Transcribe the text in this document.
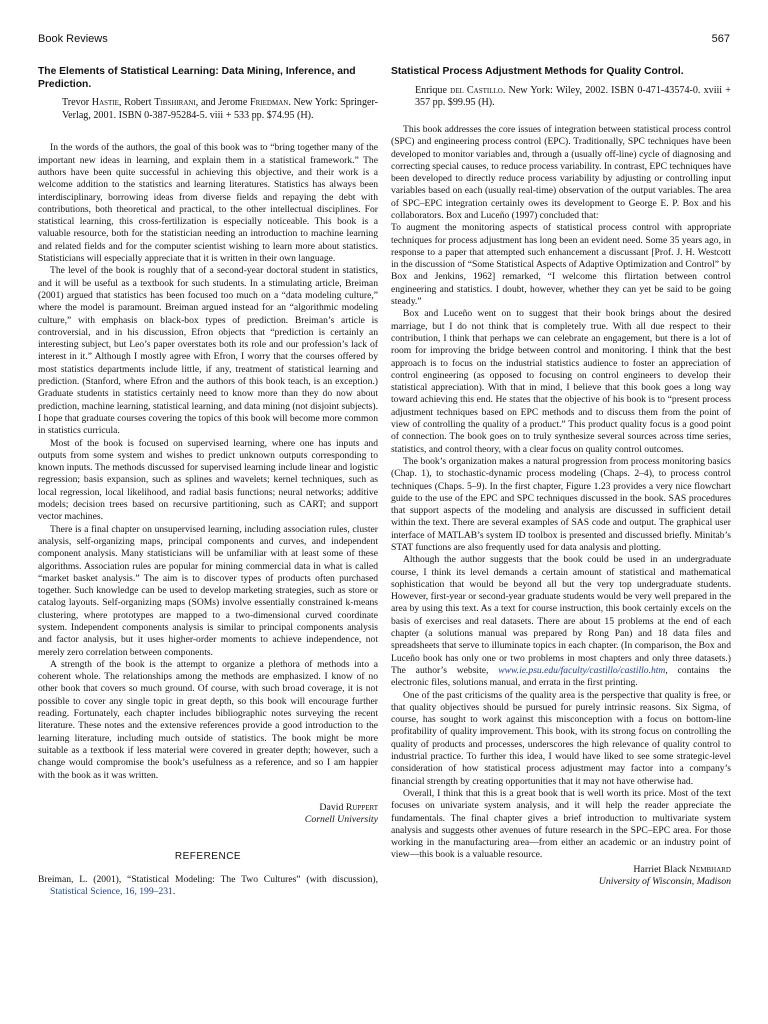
Book Reviews	567

The Elements of Statistical Learning: Data Mining, Inference, and Prediction.

Trevor Hastie, Robert Tibshirani, and Jerome Friedman. New York: Springer-Verlag, 2001. ISBN 0-387-95284-5. viii + 533 pp. $74.95 (H).

In the words of the authors, the goal of this book was to “bring together many of the important new ideas in learning, and explain them in a statistical framework.” The authors have been quite successful in achieving this objective, and their work is a welcome addition to the statistics and learning literatures. Statistics has always been interdisciplinary, borrowing ideas from diverse fields and repaying the debt with contributions, both theoretical and practical, to the other intellectual disciplines. For statistical learning, this cross-fertilization is especially noticeable. This book is a valuable resource, both for the statistician needing an introduction to machine learning and related fields and for the computer scientist wishing to learn more about statistics. Statisticians will especially appreciate that it is written in their own language.

The level of the book is roughly that of a second-year doctoral student in statistics, and it will be useful as a textbook for such students. In a stimulating article, Breiman (2001) argued that statistics has been focused too much on a “data modeling culture,” where the model is paramount. Breiman argued instead for an “algorithmic modeling culture,” with emphasis on black-box types of prediction. Breiman’s article is controversial, and in his discussion, Efron objects that “prediction is certainly an interesting subject, but Leo’s paper overstates both its role and our profession’s lack of interest in it.” Although I mostly agree with Efron, I worry that the courses offered by most statistics departments include little, if any, treatment of statistical learning and prediction. (Stanford, where Efron and the authors of this book teach, is an exception.) Graduate students in statistics certainly need to know more than they do now about prediction, machine learning, statistical learning, and data mining (not disjoint subjects). I hope that graduate courses covering the topics of this book will become more common in statistics curricula.

Most of the book is focused on supervised learning, where one has inputs and outputs from some system and wishes to predict unknown outputs corresponding to known inputs. The methods discussed for supervised learning include linear and logistic regression; basis expansion, such as splines and wavelets; kernel techniques, such as local regression, local likelihood, and radial basis functions; neural networks; additive models; decision trees based on recursive partitioning, such as CART; and support vector machines.

There is a final chapter on unsupervised learning, including association rules, cluster analysis, self-organizing maps, principal components and curves, and independent component analysis. Many statisticians will be unfamiliar with at least some of these algorithms. Association rules are popular for mining commercial data in what is called “market basket analysis.” The aim is to discover types of products often purchased together. Such knowledge can be used to develop marketing strategies, such as store or catalog layouts. Self-organizing maps (SOMs) involve essentially constrained k-means clustering, where prototypes are mapped to a two-dimensional curved coordinate system. Independent components analysis is similar to principal components analysis and factor analysis, but it uses higher-order moments to achieve independence, not merely zero correlation between components.

A strength of the book is the attempt to organize a plethora of methods into a coherent whole. The relationships among the methods are emphasized. I know of no other book that covers so much ground. Of course, with such broad coverage, it is not possible to cover any single topic in great depth, so this book will encourage further reading. Fortunately, each chapter includes bibliographic notes surveying the recent literature. These notes and the extensive references provide a good introduction to the learning literature, including much outside of statistics. The book might be more suitable as a textbook if less material were covered in greater depth; however, such a change would compromise the book’s usefulness as a reference, and so I am happier with the book as it was written.

David Ruppert
Cornell University
REFERENCE
Breiman, L. (2001), “Statistical Modeling: The Two Cultures” (with discussion), Statistical Science, 16, 199–231.

Statistical Process Adjustment Methods for Quality Control.

Enrique del Castillo. New York: Wiley, 2002. ISBN 0-471-43574-0. xviii + 357 pp. $99.95 (H).

This book addresses the core issues of integration between statistical process control (SPC) and engineering process control (EPC). Traditionally, SPC techniques have been developed to monitor variables and, through a (usually off-line) cycle of diagnosing and correcting special causes, to reduce process variability. In contrast, EPC techniques have been developed to directly reduce process variability by adjusting or controlling input variables based on each (usually real-time) observation of the output variables. The area of SPC–EPC integration certainly owes its development to George E. P. Box and his collaborators. Box and Luceño (1997) concluded that:

To augment the monitoring aspects of statistical process control with appropriate techniques for process adjustment has long been an evident need. Some 35 years ago, in response to a paper that attempted such enhancement a discussant [Prof. J. H. Westcott in the discussion of “Some Statistical Aspects of Adaptive Optimization and Control” by Box and Jenkins, 1962] remarked, “I welcome this flirtation between control engineering and statistics. I doubt, however, whether they can yet be said to be going steady.”

Box and Luceño went on to suggest that their book brings about the desired marriage, but I do not think that is completely true. With all due respect to their contribution, I think that perhaps we can celebrate an engagement, but there is a lot of room for improving the bridge between control and monitoring. I think that the best approach is to focus on the industrial statistics audience to foster an appreciation of control engineering (as opposed to focusing on control engineers to develop their statistical appreciation). With that in mind, I believe that this book goes a long way toward achieving this end. He states that the objective of his book is to “present process adjustment techniques based on EPC methods and to discuss them from the point of view of controlling the quality of a product.” This product quality focus is a good point of connection. The book goes on to truly synthesize several sources across time series, statistics, and control theory, with a clear focus on quality control outcomes.

The book’s organization makes a natural progression from process monitoring basics (Chap. 1), to stochastic-dynamic process modeling (Chaps. 2–4), to process control techniques (Chaps. 5–9). In the first chapter, Figure 1.23 provides a very nice flowchart guide to the use of the EPC and SPC techniques discussed in the book. SAS procedures that support aspects of the modeling and analysis are discussed in sufficient detail within the text. There are several examples of SAS code and output. The graphical user interface of MATLAB’s system ID toolbox is presented and discussed briefly. Minitab’s STAT functions are also frequently used for data analysis and plotting.

Although the author suggests that the book could be used in an undergraduate course, I think its level demands a certain amount of statistical and mathematical sophistication that would be beyond all but the very top undergraduate students. However, first-year or second-year graduate students would be very well prepared in the area by using this text. As a text for course instruction, this book certainly excels on the basis of exercises and real datasets. There are about 15 problems at the end of each chapter (a solutions manual was prepared by Rong Pan) and 18 data files and spreadsheets that serve to illuminate topics in each chapter. (In comparison, the Box and Luceño book has only one or two problems in most chapters and only three datasets.) The author’s website, www.ie.psu.edu/faculty/castillo/castillo.htm, contains the electronic files, solutions manual, and errata in the first printing.

One of the past criticisms of the quality area is the perspective that quality is free, or that quality objectives should be pursued for purely intrinsic reasons. Six Sigma, of course, has sought to work against this misconception with a focus on bottom-line profitability of quality improvement. This book, with its strong focus on controlling the quality of products and processes, underscores the high relevance of quality control to industrial practice. To further this idea, I would have liked to see some strategic-level consideration of how statistical process adjustment may factor into a company’s financial strength by creating opportunities that it may not have otherwise had.

Overall, I think that this is a great book that is well worth its price. Most of the text focuses on univariate system analysis, and it will help the reader appreciate the fundamentals. The final chapter gives a brief introduction to multivariate system analysis and suggests other avenues of future research in the SPC–EPC area. For those working in the manufacturing area—from either an academic or an industry point of view—this book is a valuable resource.

Harriet Black Nembhard
University of Wisconsin, Madison
